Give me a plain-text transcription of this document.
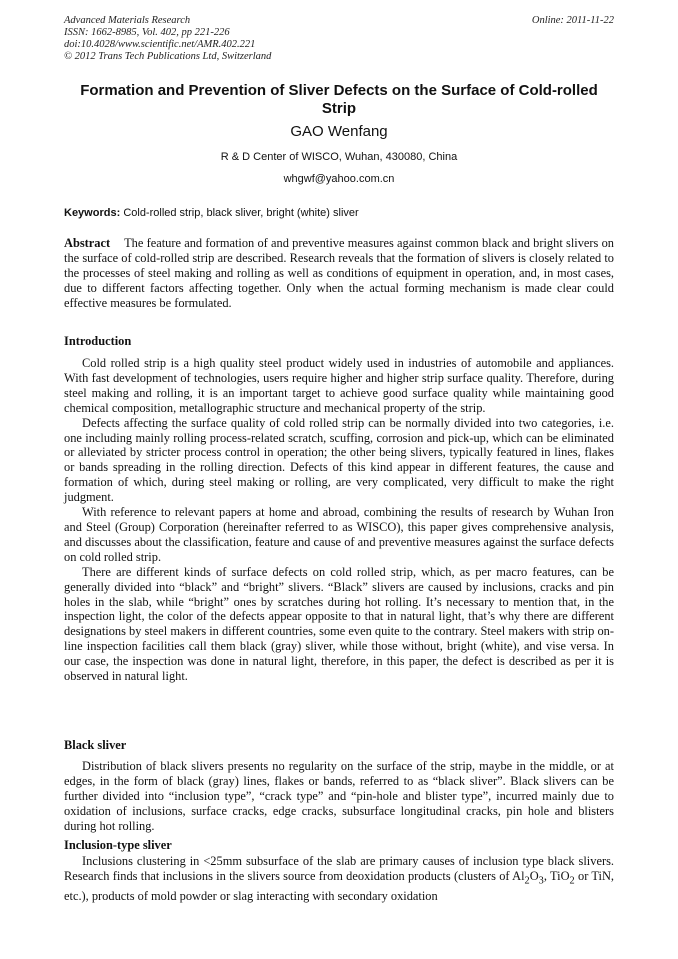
Advanced Materials Research
ISSN: 1662-8985, Vol. 402, pp 221-226
doi:10.4028/www.scientific.net/AMR.402.221
© 2012 Trans Tech Publications Ltd, Switzerland
Online: 2011-11-22
Formation and Prevention of Sliver Defects on the Surface of Cold-rolled Strip
GAO Wenfang
R & D Center of WISCO, Wuhan, 430080, China
whgwf@yahoo.com.cn
Keywords: Cold-rolled strip, black sliver, bright (white) sliver

Abstract The feature and formation of and preventive measures against common black and bright slivers on the surface of cold-rolled strip are described. Research reveals that the formation of slivers is closely related to the processes of steel making and rolling as well as conditions of equipment in operation, and, in most cases, due to different factors affecting together. Only when the actual forming mechanism is made clear could effective measures be formulated.

Introduction

Cold rolled strip is a high quality steel product widely used in industries of automobile and appliances. With fast development of technologies, users require higher and higher strip surface quality. Therefore, during steel making and rolling, it is an important target to achieve good surface quality while maintaining good chemical composition, metallographic structure and mechanical property of the strip.

Defects affecting the surface quality of cold rolled strip can be normally divided into two categories, i.e. one including mainly rolling process-related scratch, scuffing, corrosion and pick-up, which can be eliminated or alleviated by stricter process control in operation; the other being slivers, typically featured in lines, flakes or bands spreading in the rolling direction. Defects of this kind appear in different features, the cause and formation of which, during steel making or rolling, are very complicated, very difficult to make the right judgment.

With reference to relevant papers at home and abroad, combining the results of research by Wuhan Iron and Steel (Group) Corporation (hereinafter referred to as WISCO), this paper gives comprehensive analysis, and discusses about the classification, feature and cause of and preventive measures against the surface defects on cold rolled strip.

There are different kinds of surface defects on cold rolled strip, which, as per macro features, can be generally divided into “black” and “bright” slivers. “Black” slivers are caused by inclusions, cracks and pin holes in the slab, while “bright” ones by scratches during hot rolling. It’s necessary to mention that, in the inspection light, the color of the defects appear opposite to that in natural light, that’s why there are different designations by steel makers in different countries, some even quite to the contrary. Steel makers with strip on-line inspection facilities call them black (gray) sliver, while those without, bright (white), and vise versa. In our case, the inspection was done in natural light, therefore, in this paper, the defect is described as per it is observed in natural light.

Black sliver

Distribution of black slivers presents no regularity on the surface of the strip, maybe in the middle, or at edges, in the form of black (gray) lines, flakes or bands, referred to as “black sliver”. Black slivers can be further divided into “inclusion type”, “crack type” and “pin-hole and blister type”, incurred mainly due to oxidation of inclusions, surface cracks, edge cracks, subsurface longitudinal cracks, pin hole and blisters during hot rolling.

Inclusion-type sliver

Inclusions clustering in <25mm subsurface of the slab are primary causes of inclusion type black slivers. Research finds that inclusions in the slivers source from deoxidation products (clusters of $Al_2O_3$, TiO$_2$ or TiN, etc.), products of mold powder or slag interacting with secondary oxidation
